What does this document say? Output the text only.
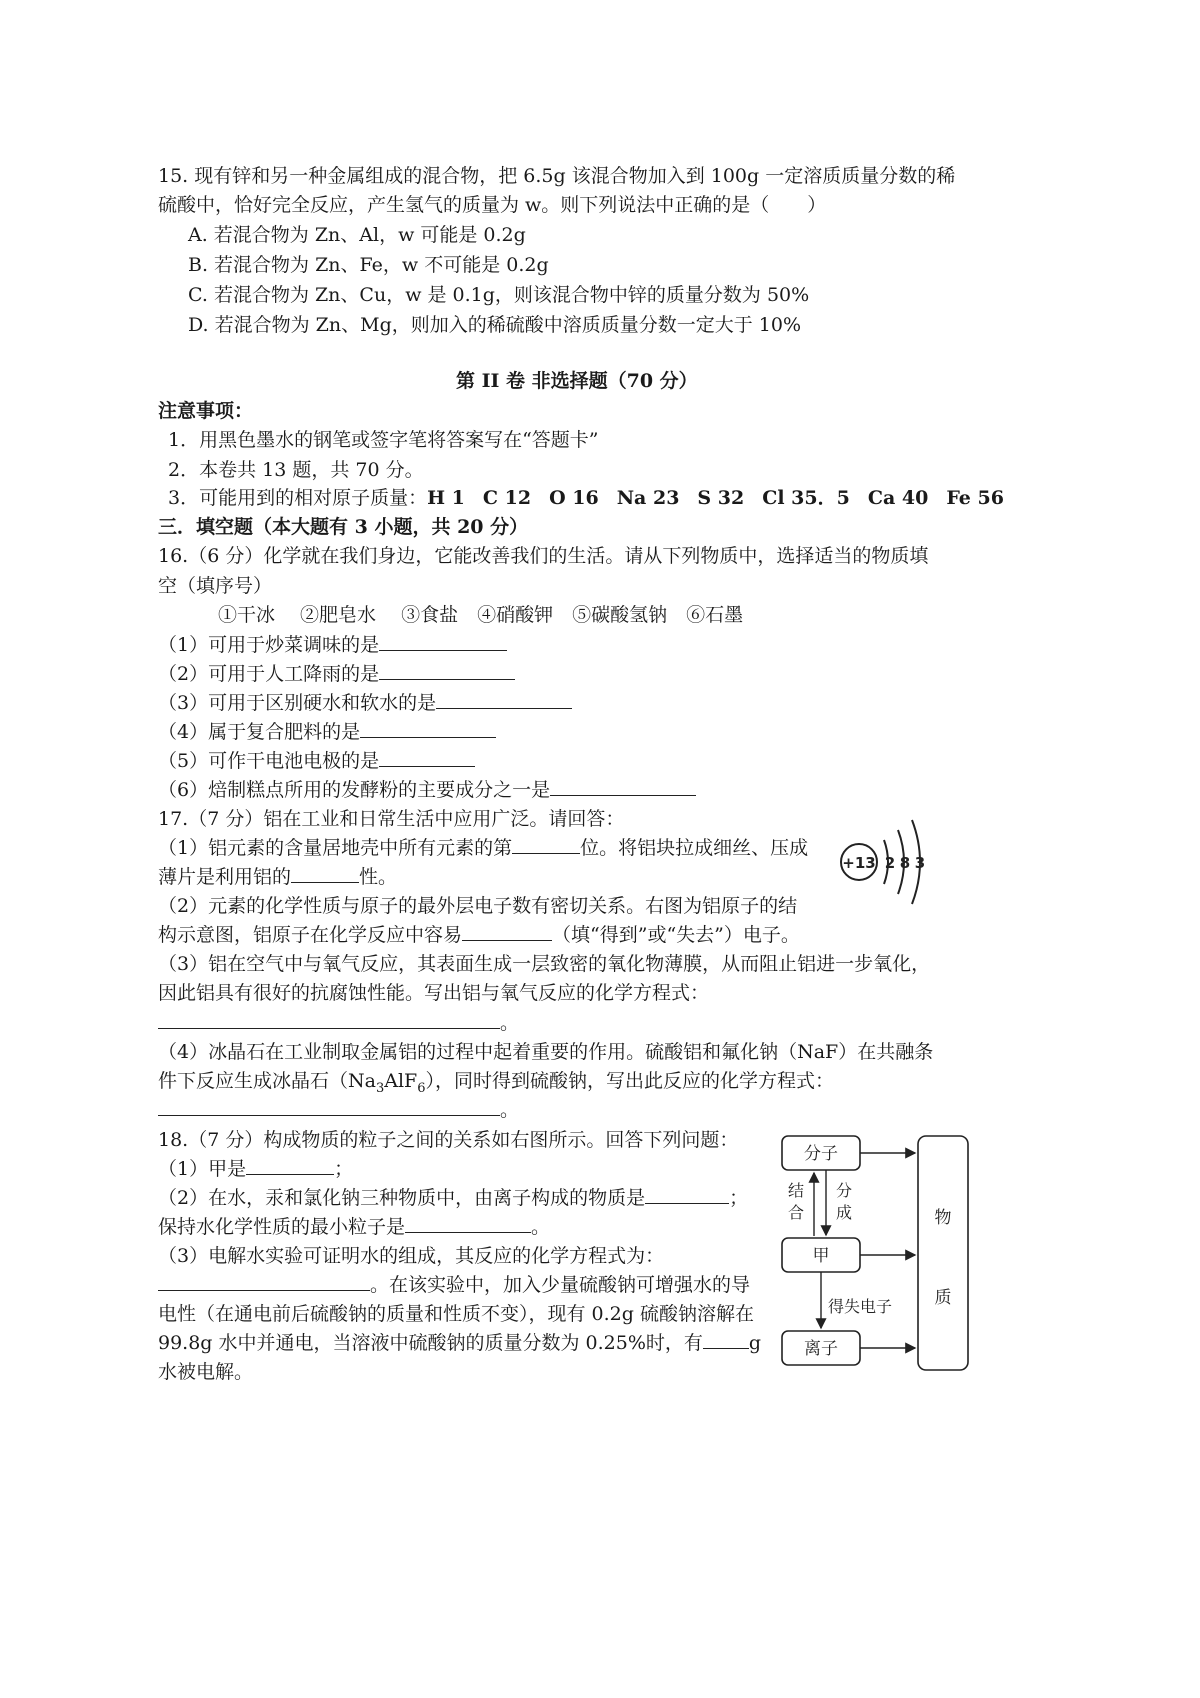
15. 现有锌和另一种金属组成的混合物，把 6.5g 该混合物加入到 100g 一定溶质质量分数的稀
硫酸中，恰好完全反应，产生氢气的质量为 w。则下列说法中正确的是（　　）
A. 若混合物为 Zn、Al，w 可能是 0.2g
B. 若混合物为 Zn、Fe，w 不可能是 0.2g
C. 若混合物为 Zn、Cu，w 是 0.1g，则该混合物中锌的质量分数为 50%
D. 若混合物为 Zn、Mg，则加入的稀硫酸中溶质质量分数一定大于 10%
第 II 卷 非选择题（70 分）
注意事项：
1．用黑色墨水的钢笔或签字笔将答案写在“答题卡”
2．本卷共 13 题，共 70 分。
3．可能用到的相对原子质量：H 1 C 12 O 16 Na 23 S 32 Cl 35．5 Ca 40 Fe 56
三．填空题（本大题有 3 小题，共 20 分）
16.（6 分）化学就在我们身边，它能改善我们的生活。请从下列物质中，选择适当的物质填
空（填序号）
①干冰　 ②肥皂水　 ③食盐　④硝酸钾　⑤碳酸氢钠　⑥石墨
（1）可用于炒菜调味的是
（2）可用于人工降雨的是
（3）可用于区别硬水和软水的是
（4）属于复合肥料的是
（5）可作干电池电极的是
（6）焙制糕点所用的发酵粉的主要成分之一是
17.（7 分）铝在工业和日常生活中应用广泛。请回答：
（1）铝元素的含量居地壳中所有元素的第	位。将铝块拉成细丝、压成
薄片是利用铝的	性。
（2）元素的化学性质与原子的最外层电子数有密切关系。右图为铝原子的结
构示意图，铝原子在化学反应中容易	（填“得到”或“失去”）电子。
（3）铝在空气中与氧气反应，其表面生成一层致密的氧化物薄膜，从而阻止铝进一步氧化，
因此铝具有很好的抗腐蚀性能。写出铝与氧气反应的化学方程式：
。
（4）冰晶石在工业制取金属铝的过程中起着重要的作用。硫酸铝和氟化钠（NaF）在共融条
件下反应生成冰晶石$(Na_3AlF_6)$，同时得到硫酸钠，写出此反应的化学方程式：
。
+13 2 8 3
18.（7 分）构成物质的粒子之间的关系如右图所示。回答下列问题：
（1）甲是	；
（2）在水，汞和氯化钠三种物质中，由离子构成的物质是	；
保持水化学性质的最小粒子是	。
（3）电解水实验可证明水的组成，其反应的化学方程式为：
。在该实验中，加入少量硫酸钠可增强水的导
电性（在通电前后硫酸钠的质量和性质不变），现有 0.2g 硫酸钠溶解在
99.8g 水中并通电，当溶液中硫酸钠的质量分数为 0.25%时，有 g
水被电解。
分子
甲
离子
物
质
结
合
分
成
得失电子
